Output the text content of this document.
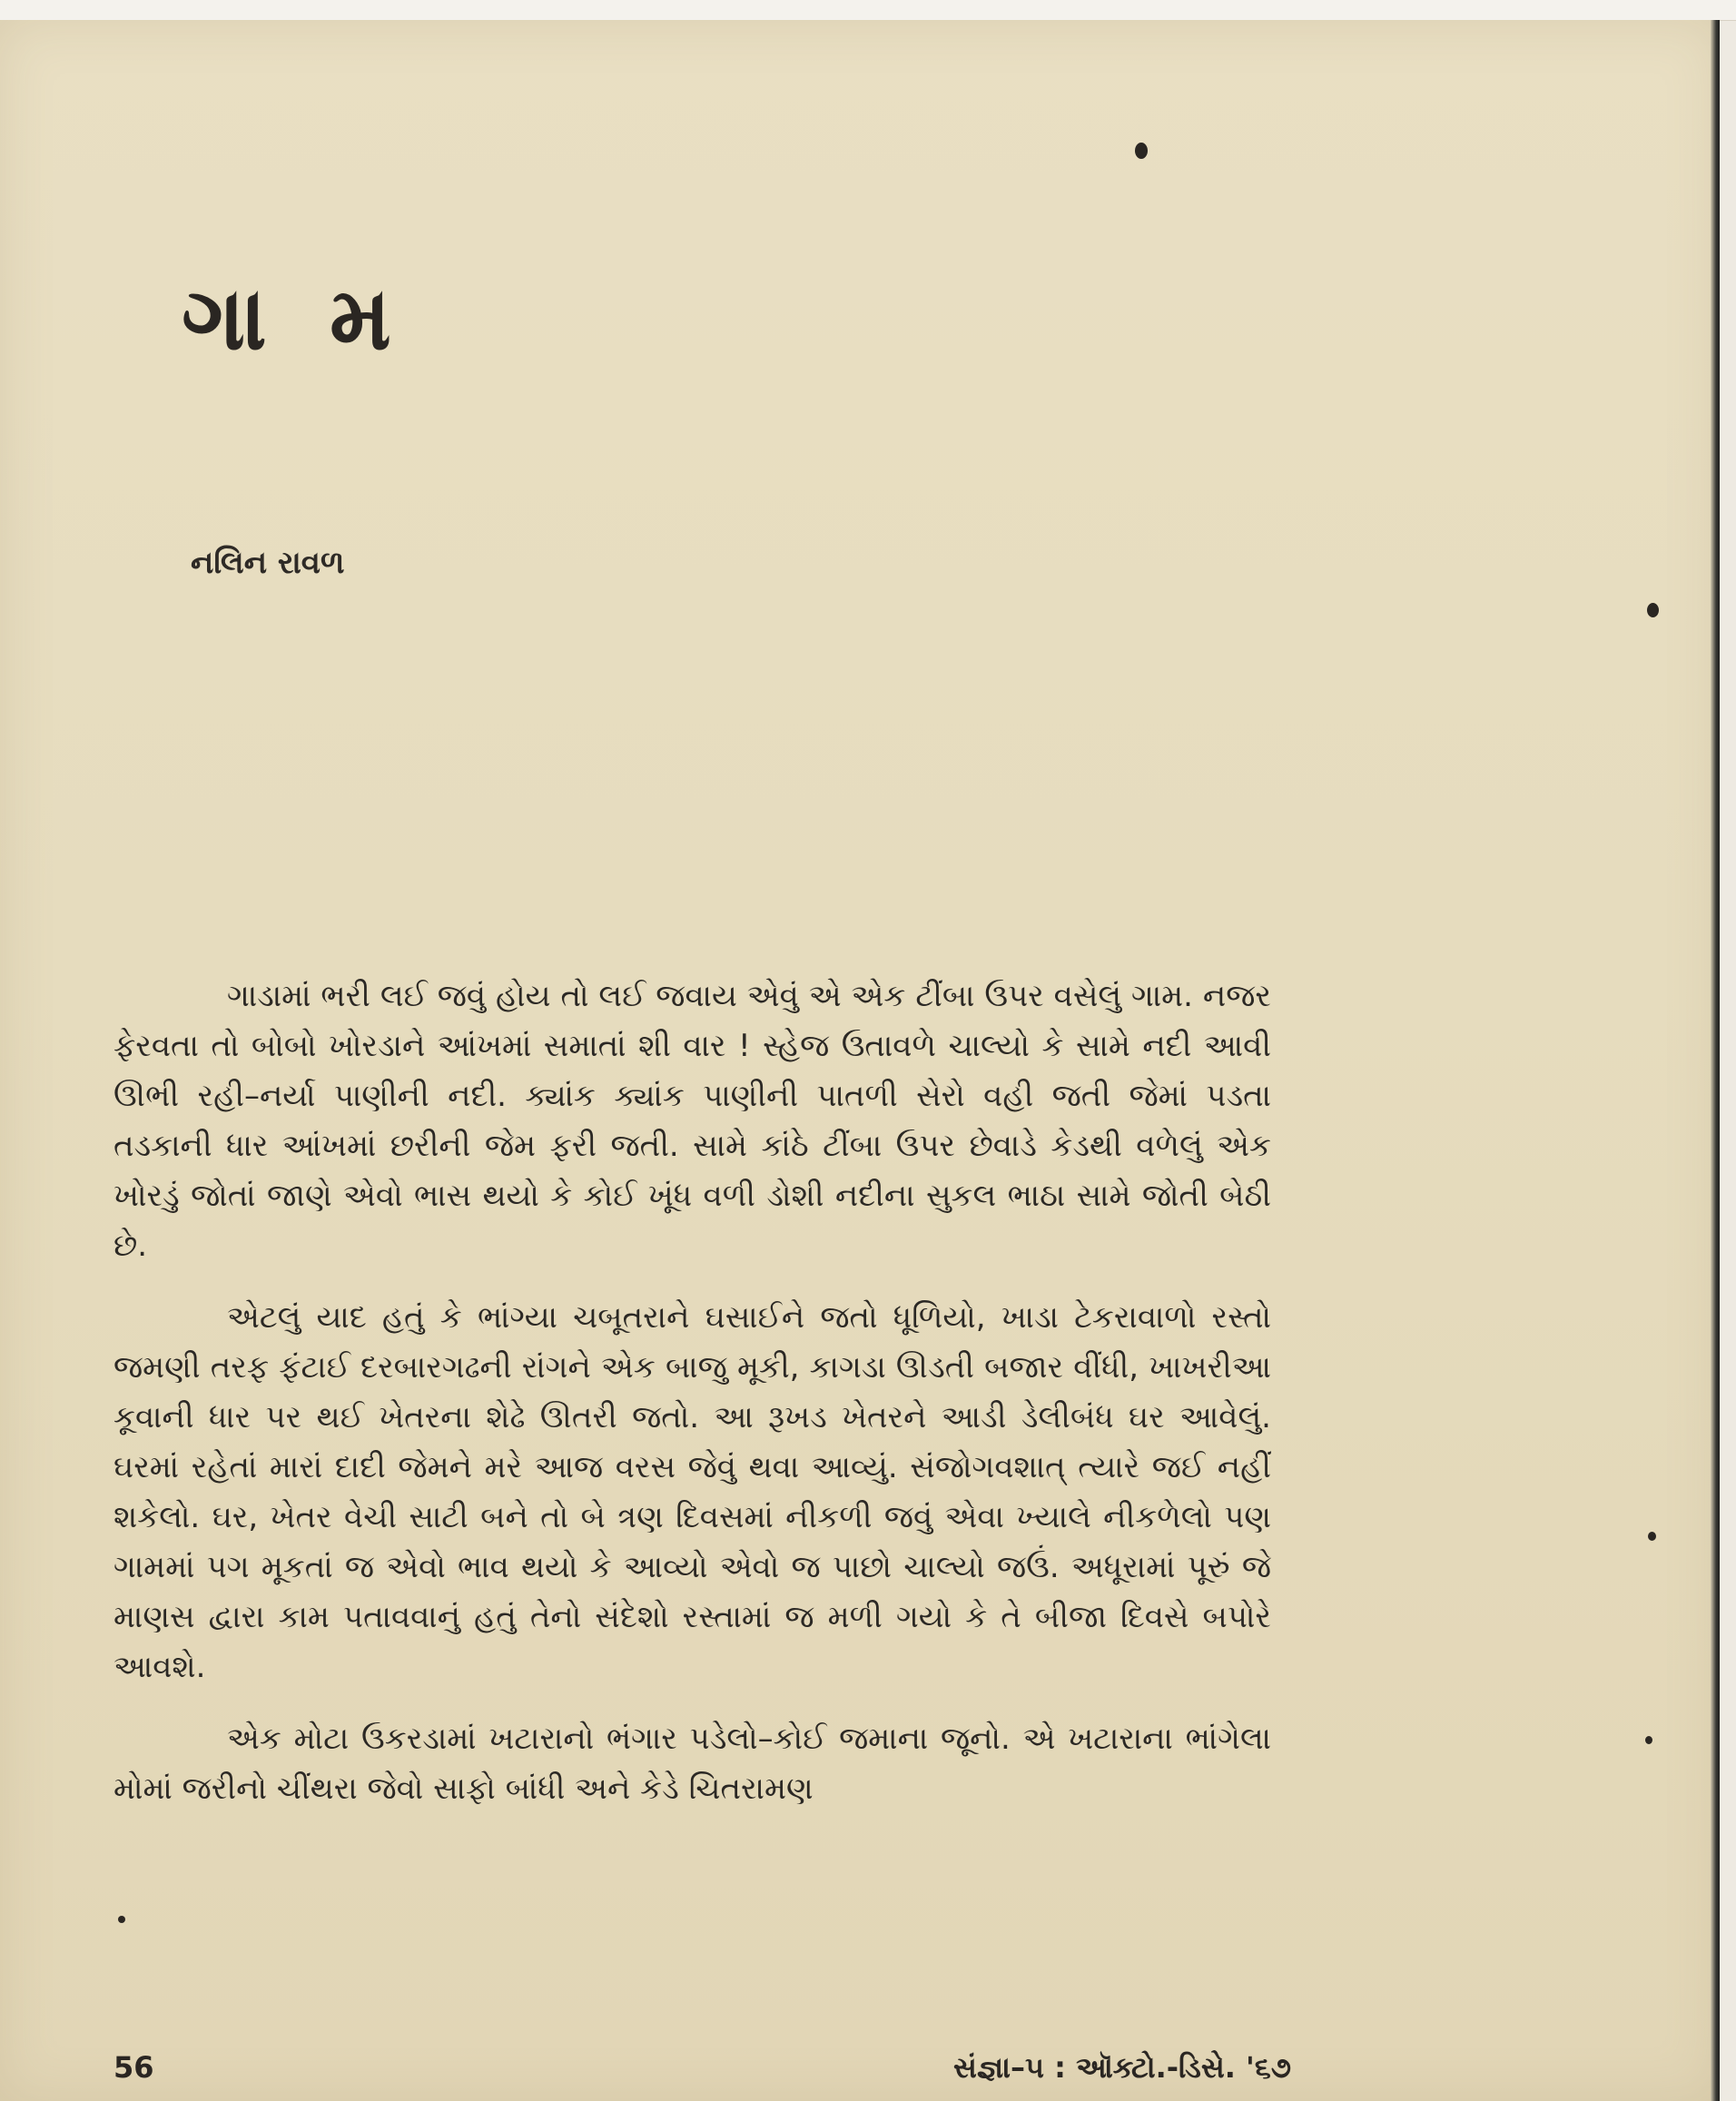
ગા મ
નલિન રાવળ

ગાડામાં ભરી લઈ જવું હોય તો લઈ જવાય એવું એ એક ટીંબા ઉપર વસેલું ગામ. નજર ફેરવતા તો બોબો ખોરડાને આંખમાં સમાતાં શી વાર ! સ્હેજ ઉતાવળે ચાલ્યો કે સામે નદી આવી ઊભી રહી–નર્યા પાણીની નદી. ક્યાંક ક્યાંક પાણીની પાતળી સેરો વહી જતી જેમાં પડતા તડકાની ધાર આંખમાં છરીની જેમ ફરી જતી. સામે કાંઠે ટીંબા ઉપર છેવાડે કેડથી વળેલું એક ખોરડું જોતાં જાણે એવો ભાસ થયો કે કોઈ ખૂંધ વળી ડોશી નદીના સુકલ ભાઠા સામે જોતી બેઠી છે.

એટલું યાદ હતું કે ભાંગ્યા ચબૂતરાને ઘસાઈને જતો ધૂળિયો, ખાડા ટેકરાવાળો રસ્તો જમણી તરફ ફંટાઈ દરબારગઢની રાંગને એક બાજુ મૂકી, કાગડા ઊડતી બજાર વીંધી, ખાખરીઆ કૂવાની ધાર પર થઈ ખેતરના શેઢે ઊતરી જતો. આ રૂખડ ખેતરને આડી ડેલીબંધ ઘર આવેલું. ઘરમાં રહેતાં મારાં દાદી જેમને મરે આજ વરસ જેવું થવા આવ્યું. સંજોગવશાત્ ત્યારે જઈ નહીં શકેલો. ઘર, ખેતર વેચી સાટી બને તો બે ત્રણ દિવસમાં નીકળી જવું એવા ખ્યાલે નીકળેલો પણ ગામમાં પગ મૂકતાં જ એવો ભાવ થયો કે આવ્યો એવો જ પાછો ચાલ્યો જઉં. અધૂરામાં પૂરું જે માણસ દ્વારા કામ પતાવવાનું હતું તેનો સંદેશો રસ્તામાં જ મળી ગયો કે તે બીજા દિવસે બપોરે આવશે.

એક મોટા ઉકરડામાં ખટારાનો ભંગાર પડેલો–કોઈ જમાના જૂનો. એ ખટારાના ભાંગેલા મોમાં જરીનો ચીંથરા જેવો સાફો બાંધી અને કેડે ચિતરામણ

56	સંજ્ઞા–૫ : ઑક્ટો.-ડિસે. '૬૭
